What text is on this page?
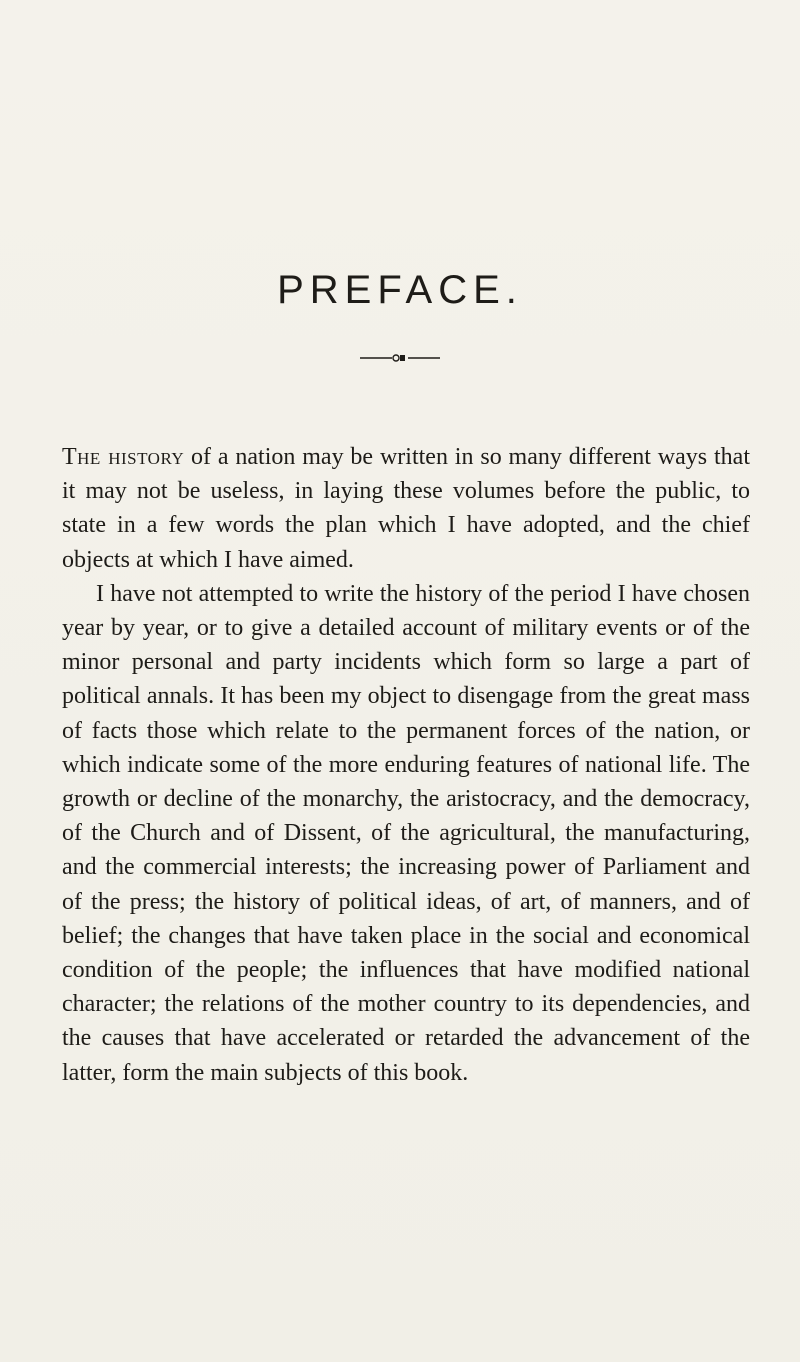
PREFACE.

The history of a nation may be written in so many different ways that it may not be useless, in laying these volumes before the public, to state in a few words the plan which I have adopted, and the chief objects at which I have aimed.

I have not attempted to write the history of the period I have chosen year by year, or to give a detailed account of military events or of the minor personal and party incidents which form so large a part of political annals. It has been my object to disengage from the great mass of facts those which relate to the permanent forces of the nation, or which indicate some of the more enduring features of national life. The growth or decline of the monarchy, the aristocracy, and the democracy, of the Church and of Dissent, of the agricultural, the manufacturing, and the commercial interests; the increasing power of Parliament and of the press; the history of political ideas, of art, of manners, and of belief; the changes that have taken place in the social and economical condition of the people; the influences that have modified national character; the relations of the mother country to its dependencies, and the causes that have accelerated or retarded the advancement of the latter, form the main subjects of this book.
